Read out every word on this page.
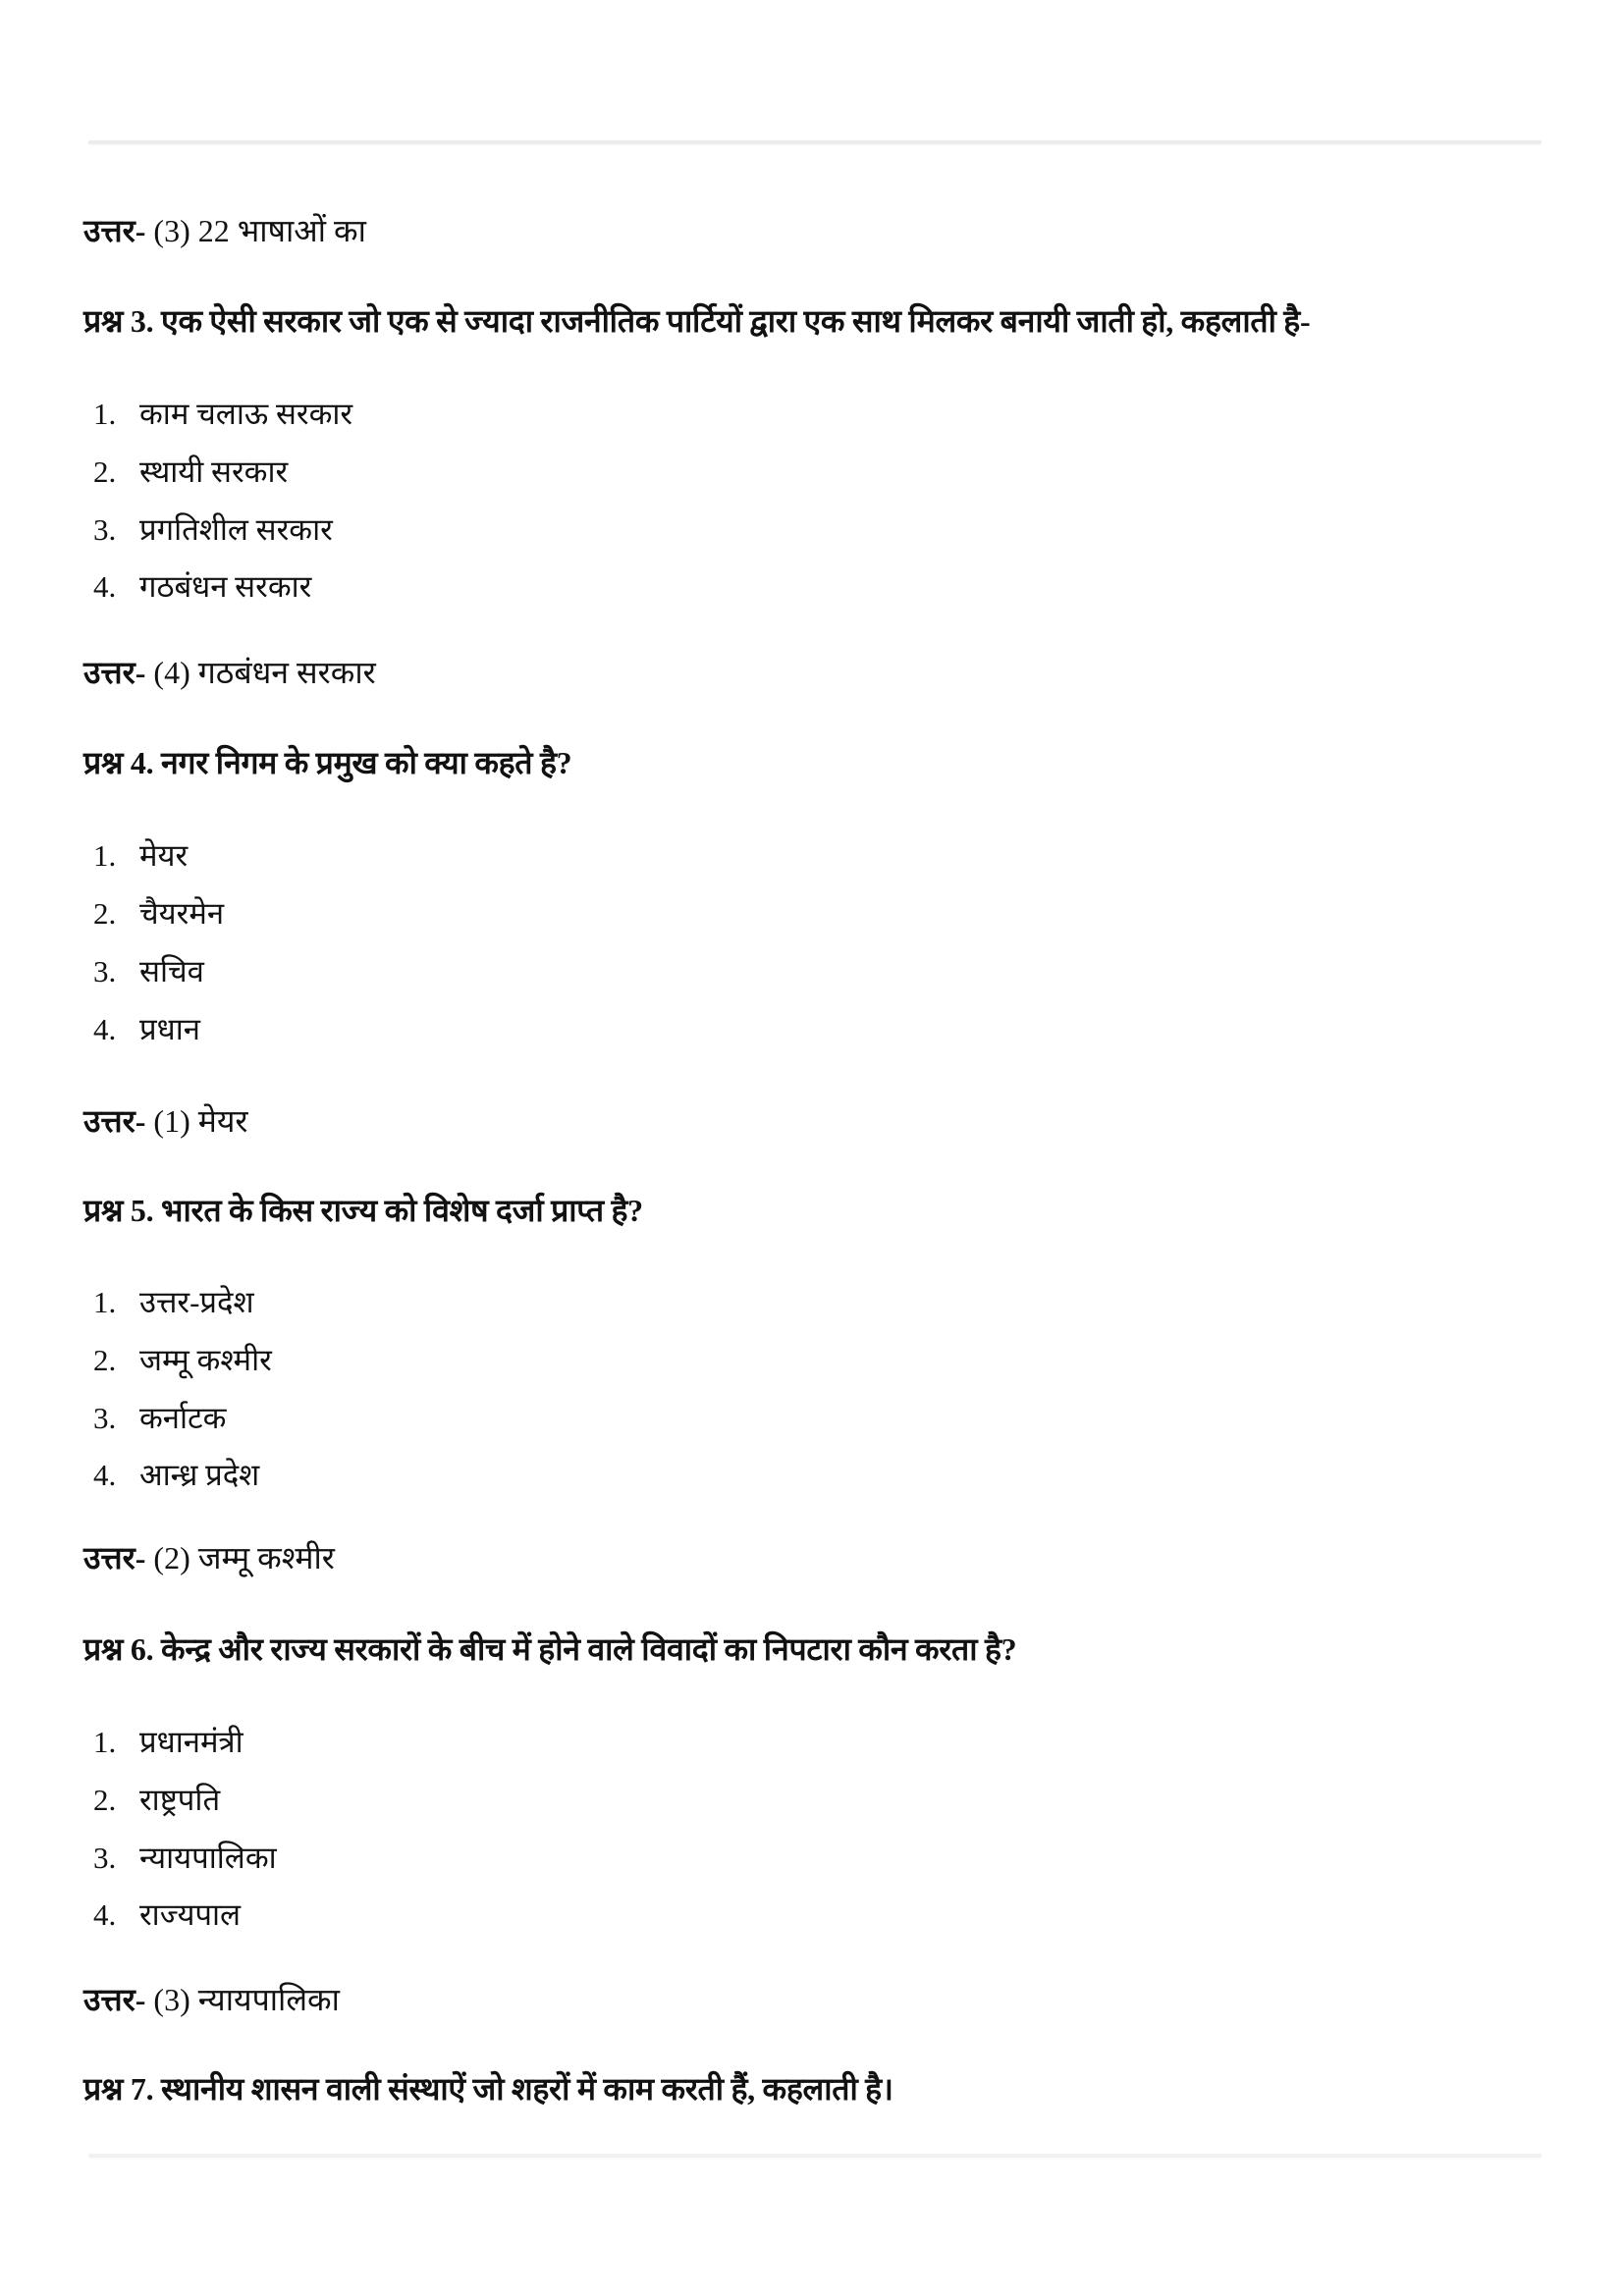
उत्तर- (3) 22 भाषाओं का
प्रश्न 3. एक ऐसी सरकार जो एक से ज्यादा राजनीतिक पार्टियों द्वारा एक साथ मिलकर बनायी जाती हो, कहलाती है-
1. काम चलाऊ सरकार
2. स्थायी सरकार
3. प्रगतिशील सरकार
4. गठबंधन सरकार
उत्तर- (4) गठबंधन सरकार
प्रश्न 4. नगर निगम के प्रमुख को क्या कहते है?
1. मेयर
2. चैयरमेन
3. सचिव
4. प्रधान
उत्तर- (1) मेयर
प्रश्न 5. भारत के किस राज्य को विशेष दर्जा प्राप्त है?
1. उत्तर-प्रदेश
2. जम्मू कश्मीर
3. कर्नाटक
4. आन्ध्र प्रदेश
उत्तर- (2) जम्मू कश्मीर
प्रश्न 6. केन्द्र और राज्य सरकारों के बीच में होने वाले विवादों का निपटारा कौन करता है?
1. प्रधानमंत्री
2. राष्ट्रपति
3. न्यायपालिका
4. राज्यपाल
उत्तर- (3) न्यायपालिका
प्रश्न 7. स्थानीय शासन वाली संस्थाऐं जो शहरों में काम करती हैं, कहलाती है।
